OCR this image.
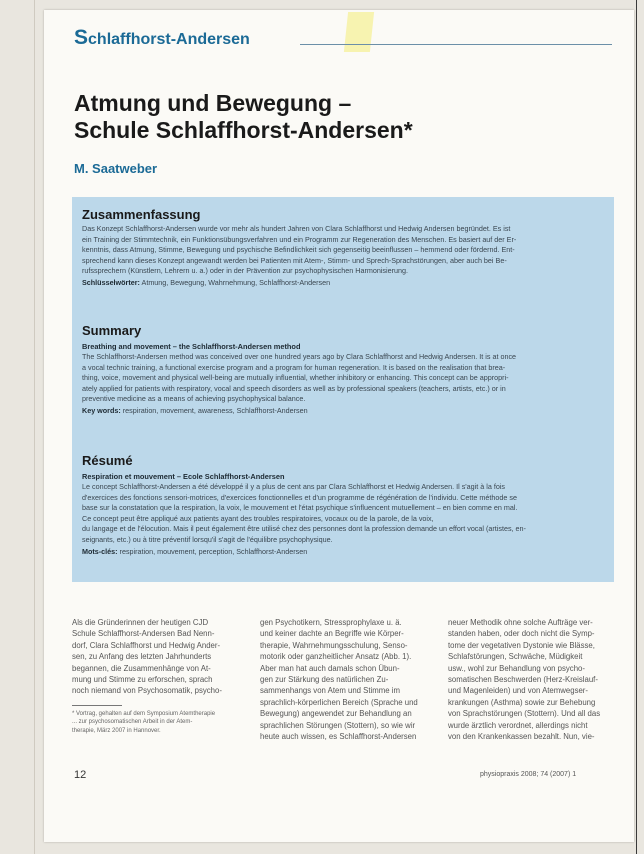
Schlaffhorst-Andersen
Atmung und Bewegung –
Schule Schlaffhorst-Andersen*
M. Saatweber
Zusammenfassung
Das Konzept Schlaffhorst-Andersen wurde vor mehr als hundert Jahren von Clara Schlaffhorst und Hedwig Andersen begründet. Es ist
ein Training der Stimmtechnik, ein Funktionsübungsverfahren und ein Programm zur Regeneration des Menschen. Es basiert auf der Er-
kenntnis, dass Atmung, Stimme, Bewegung und psychische Befindlichkeit sich gegenseitig beeinflussen – hemmend oder fördernd. Ent-
sprechend kann dieses Konzept angewandt werden bei Patienten mit Atem-, Stimm- und Sprech-Sprachstörungen, aber auch bei Be-
rufssprechern (Künstlern, Lehrern u. a.) oder in der Prävention zur psychophysischen Harmonisierung.
Schlüsselwörter: Atmung, Bewegung, Wahrnehmung, Schlaffhorst-Andersen
Summary
Breathing and movement – the Schlaffhorst-Andersen method
The Schlaffhorst-Andersen method was conceived over one hundred years ago by Clara Schlaffhorst and Hedwig Andersen. It is at once
a vocal technic training, a functional exercise program and a program for human regeneration. It is based on the realisation that brea-
thing, voice, movement and physical well-being are mutually influential, whether inhibitory or enhancing. This concept can be appropri-
ately applied for patients with respiratory, vocal and speech disorders as well as by professional speakers (teachers, artists, etc.) or in
preventive medicine as a means of achieving psychophysical balance.
Key words: respiration, movement, awareness, Schlaffhorst-Andersen
Résumé
Respiration et mouvement – Ecole Schlaffhorst-Andersen
Le concept Schlaffhorst-Andersen a été développé il y a plus de cent ans par Clara Schlaffhorst et Hedwig Andersen. Il s'agit à la fois
d'exercices des fonctions sensori-motrices, d'exercices fonctionnelles et d'un programme de régénération de l'individu. Cette méthode se
base sur la constatation que la respiration, la voix, le mouvement et l'état psychique s'influencent mutuellement – en bien comme en mal.
Ce concept peut être appliqué aux patients ayant des troubles respiratoires, vocaux ou de la parole, de la voix,
du langage et de l'élocution. Mais il peut également être utilisé chez des personnes dont la profession demande un effort vocal (artistes, en-
seignants, etc.) ou à titre préventif lorsqu'il s'agit de l'équilibre psychophysique.
Mots-clés: respiration, mouvement, perception, Schlaffhorst-Andersen
Als die Gründerinnen der heutigen CJD
Schule Schlaffhorst-Andersen Bad Nenn-
dorf, Clara Schlaffhorst und Hedwig Ander-
sen, zu Anfang des letzten Jahrhunderts
begannen, die Zusammenhänge von At-
mung und Stimme zu erforschen, sprach
noch niemand von Psychosomatik, psycho-
* Vortrag, gehalten auf dem Symposium Atemtherapie
... zur psychosomatischen Arbeit in der Atem-
therapie, März 2007 in Hannover.
gen Psychotikern, Stressprophylaxe u. ä.
und keiner dachte an Begriffe wie Körper-
therapie, Wahrnehmungsschulung, Senso-
motorik oder ganzheitlicher Ansatz (Abb. 1).
Aber man hat auch damals schon Übun-
gen zur Stärkung des natürlichen Zu-
sammenhangs von Atem und Stimme im
sprachlich-körperlichen Bereich (Sprache und
Bewegung) angewendet zur Behandlung an
sprachlichen Störungen (Stottern), so wie wir
heute auch wissen, es Schlaffhorst-Andersen
neuer Methodik ohne solche Aufträge ver-
standen haben, oder doch nicht die Symp-
tome der vegetativen Dystonie wie Blässe,
Schlafstörungen, Schwäche, Müdigkeit
usw., wohl zur Behandlung von psycho-
somatischen Beschwerden (Herz-Kreislauf-
und Magenleiden) und von Atemwegser-
krankungen (Asthma) sowie zur Behebung
von Sprachstörungen (Stottern). Und all das
wurde ärztlich verordnet, allerdings nicht
von den Krankenkassen bezahlt. Nun, vie-
12	physiopraxis 2008; 74 (2007) 1
